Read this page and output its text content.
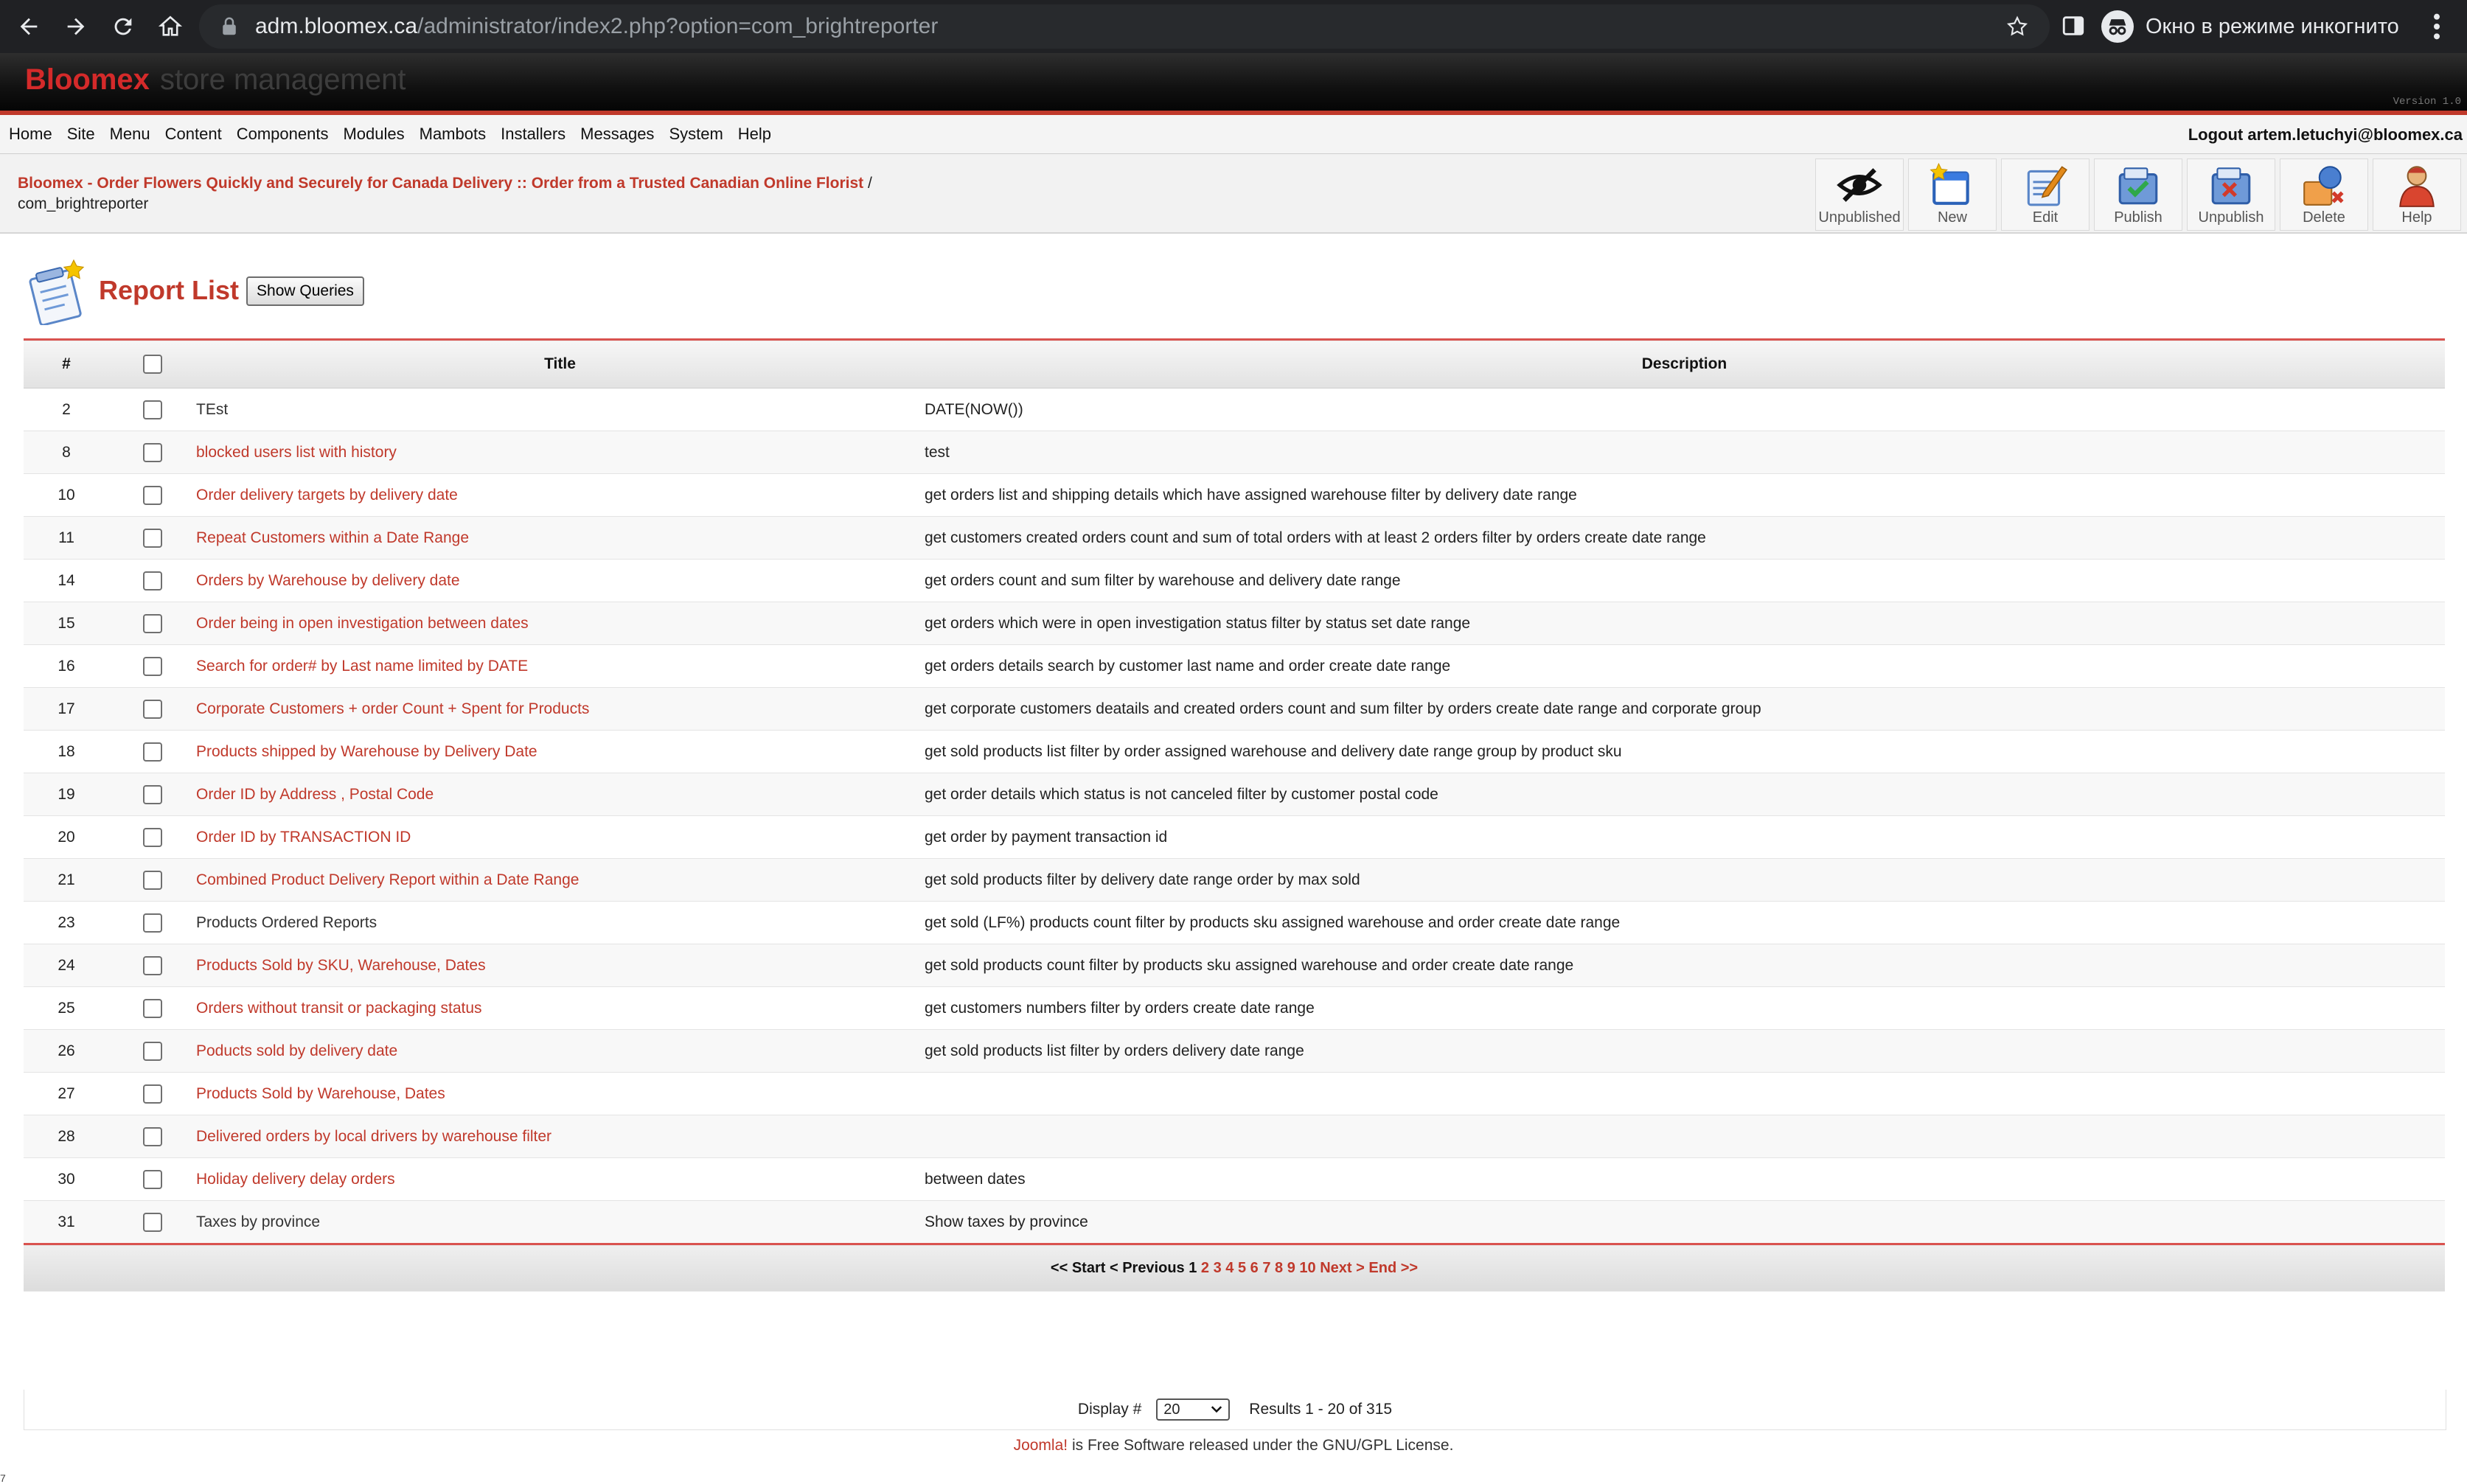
adm.bloomex.ca/administrator/index2.php?option=com_brightreporter	Окно в режиме инкогнито
Bloomex store management
Version 1.0
Home Site Menu Content Components Modules Mambots Installers Messages System Help	Logout artem.letuchyi@bloomex.ca
Bloomex - Order Flowers Quickly and Securely for Canada Delivery :: Order from a Trusted Canadian Online Florist /
com_brightreporter
Unpublished	New	Edit	Publish Unpublish	Delete	Help
Report List	Show Queries
#		Title	Description
2		TEst	DATE(NOW())
8		blocked users list with history	test
10		Order delivery targets by delivery date	get orders list and shipping details which have assigned warehouse filter by delivery date range
11		Repeat Customers within a Date Range	get customers created orders count and sum of total orders with at least 2 orders filter by orders create date range
14		Orders by Warehouse by delivery date	get orders count and sum filter by warehouse and delivery date range
15		Order being in open investigation between dates	get orders which were in open investigation status filter by status set date range
16		Search for order# by Last name limited by DATE	get orders details search by customer last name and order create date range
17		Corporate Customers + order Count + Spent for Products	get corporate customers deatails and created orders count and sum filter by orders create date range and corporate group
18		Products shipped by Warehouse by Delivery Date	get sold products list filter by order assigned warehouse and delivery date range group by product sku
19		Order ID by Address , Postal Code	get order details which status is not canceled filter by customer postal code
20		Order ID by TRANSACTION ID	get order by payment transaction id
21		Combined Product Delivery Report within a Date Range	get sold products filter by delivery date range order by max sold
23		Products Ordered Reports	get sold (LF%) products count filter by products sku assigned warehouse and order create date range
24		Products Sold by SKU, Warehouse, Dates	get sold products count filter by products sku assigned warehouse and order create date range
25		Orders without transit or packaging status	get customers numbers filter by orders create date range
26		Poducts sold by delivery date	get sold products list filter by orders delivery date range
27		Products Sold by Warehouse, Dates	
28		Delivered orders by local drivers by warehouse filter	
30		Holiday delivery delay orders	between dates
31		Taxes by province	Show taxes by province
<< Start < Previous 1 2 3 4 5 6 7 8 9 10 Next > End >>			
Display # 20	Results 1 - 20 of 315
Joomla! is Free Software released under the GNU/GPL License.
7
